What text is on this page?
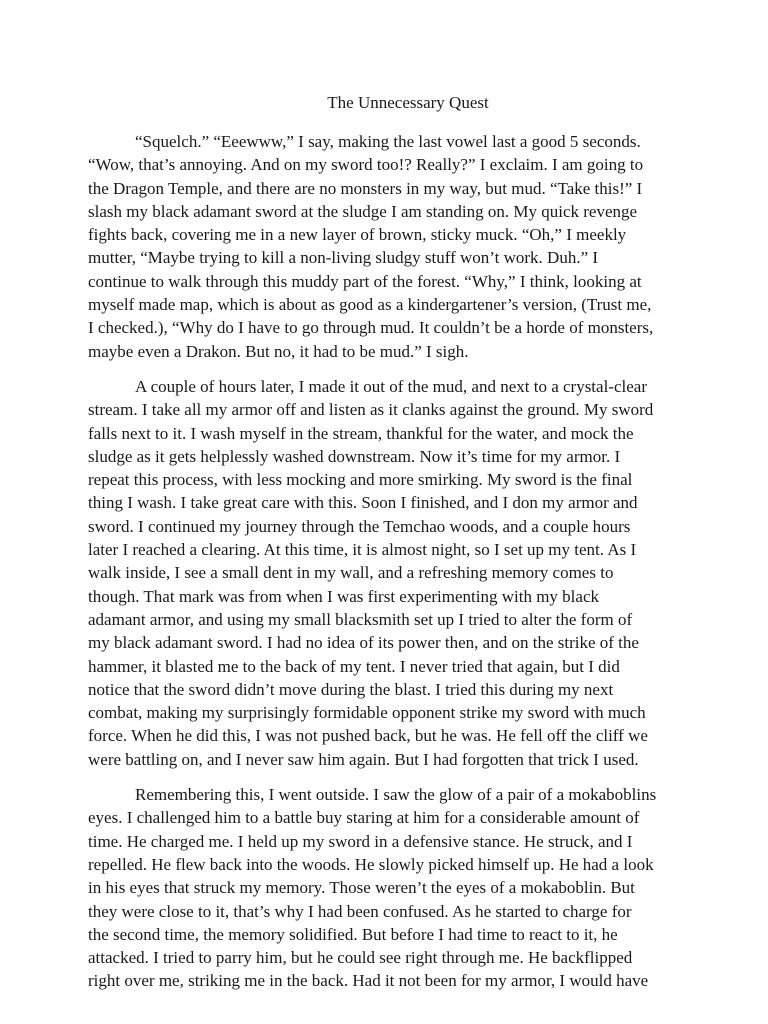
The Unnecessary Quest
“Squelch.” “Eeewww,” I say, making the last vowel last a good 5 seconds.
“Wow, that’s annoying. And on my sword too!? Really?” I exclaim. I am going to
the Dragon Temple, and there are no monsters in my way, but mud. “Take this!” I
slash my black adamant sword at the sludge I am standing on. My quick revenge
fights back, covering me in a new layer of brown, sticky muck. “Oh,” I meekly
mutter, “Maybe trying to kill a non-living sludgy stuff won’t work. Duh.” I
continue to walk through this muddy part of the forest. “Why,” I think, looking at
myself made map, which is about as good as a kindergartener’s version, (Trust me,
I checked.), “Why do I have to go through mud. It couldn’t be a horde of monsters,
maybe even a Drakon. But no, it had to be mud.” I sigh.
A couple of hours later, I made it out of the mud, and next to a crystal-clear
stream. I take all my armor off and listen as it clanks against the ground. My sword
falls next to it. I wash myself in the stream, thankful for the water, and mock the
sludge as it gets helplessly washed downstream. Now it’s time for my armor. I
repeat this process, with less mocking and more smirking. My sword is the final
thing I wash. I take great care with this. Soon I finished, and I don my armor and
sword. I continued my journey through the Temchao woods, and a couple hours
later I reached a clearing. At this time, it is almost night, so I set up my tent. As I
walk inside, I see a small dent in my wall, and a refreshing memory comes to
though. That mark was from when I was first experimenting with my black
adamant armor, and using my small blacksmith set up I tried to alter the form of
my black adamant sword. I had no idea of its power then, and on the strike of the
hammer, it blasted me to the back of my tent. I never tried that again, but I did
notice that the sword didn’t move during the blast. I tried this during my next
combat, making my surprisingly formidable opponent strike my sword with much
force. When he did this, I was not pushed back, but he was. He fell off the cliff we
were battling on, and I never saw him again. But I had forgotten that trick I used.
Remembering this, I went outside. I saw the glow of a pair of a mokaboblins
eyes. I challenged him to a battle buy staring at him for a considerable amount of
time. He charged me. I held up my sword in a defensive stance. He struck, and I
repelled. He flew back into the woods. He slowly picked himself up. He had a look
in his eyes that struck my memory. Those weren’t the eyes of a mokaboblin. But
they were close to it, that’s why I had been confused. As he started to charge for
the second time, the memory solidified. But before I had time to react to it, he
attacked. I tried to parry him, but he could see right through me. He backflipped
right over me, striking me in the back. Had it not been for my armor, I would have
